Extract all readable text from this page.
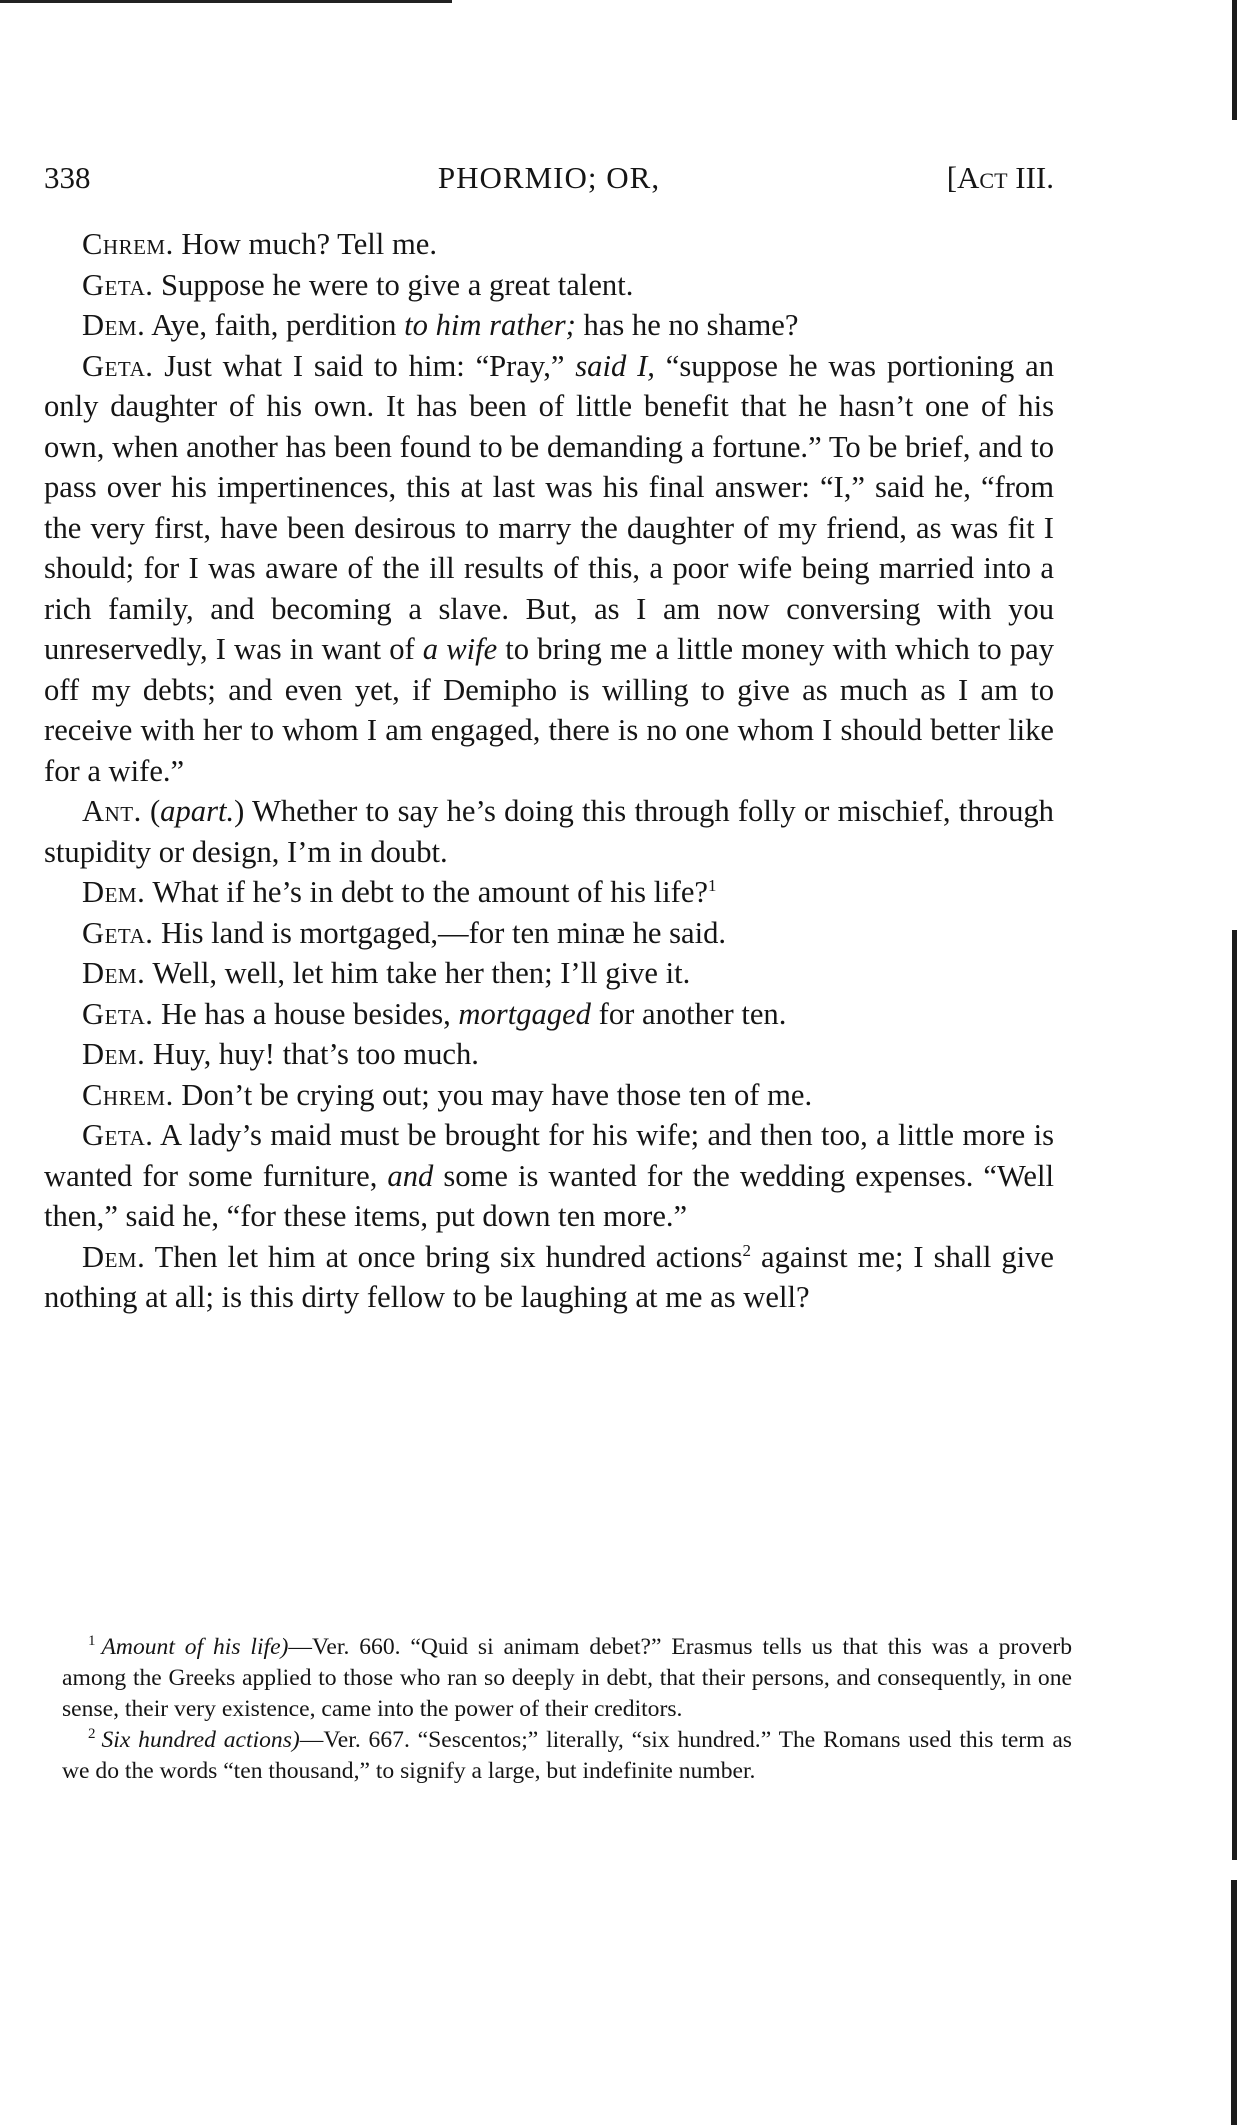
338	PHORMIO; OR,	[Act III.

Chrem. How much? Tell me.

Geta. Suppose he were to give a great talent.

Dem. Aye, faith, perdition to him rather; has he no shame?

Geta. Just what I said to him: “Pray,” said I, “suppose he was portioning an only daughter of his own. It has been of little benefit that he hasn’t one of his own, when another has been found to be demanding a fortune.” To be brief, and to pass over his impertinences, this at last was his final answer: “I,” said he, “from the very first, have been desirous to marry the daughter of my friend, as was fit I should; for I was aware of the ill results of this, a poor wife being married into a rich family, and becoming a slave. But, as I am now conversing with you unreservedly, I was in want of a wife to bring me a little money with which to pay off my debts; and even yet, if Demipho is willing to give as much as I am to receive with her to whom I am engaged, there is no one whom I should better like for a wife.”

Ant. (apart.) Whether to say he’s doing this through folly or mischief, through stupidity or design, I’m in doubt.

Dem. What if he’s in debt to the amount of his life?$^1$

Geta. His land is mortgaged,—for ten minæ he said.

Dem. Well, well, let him take her then; I’ll give it.

Geta. He has a house besides, mortgaged for another ten.

Dem. Huy, huy! that’s too much.

Chrem. Don’t be crying out; you may have those ten of me.

Geta. A lady’s maid must be brought for his wife; and then too, a little more is wanted for some furniture, and some is wanted for the wedding expenses. “Well then,” said he, “for these items, put down ten more.”

Dem. Then let him at once bring six hundred actions$^2$ against me; I shall give nothing at all; is this dirty fellow to be laughing at me as well?

$^1$ Amount of his life)—Ver. 660. “Quid si animam debet?” Erasmus tells us that this was a proverb among the Greeks applied to those who ran so deeply in debt, that their persons, and consequently, in one sense, their very existence, came into the power of their creditors.

$^2$ Six hundred actions)—Ver. 667. “Sescentos;” literally, “six hundred.” The Romans used this term as we do the words “ten thousand,” to signify a large, but indefinite number.
